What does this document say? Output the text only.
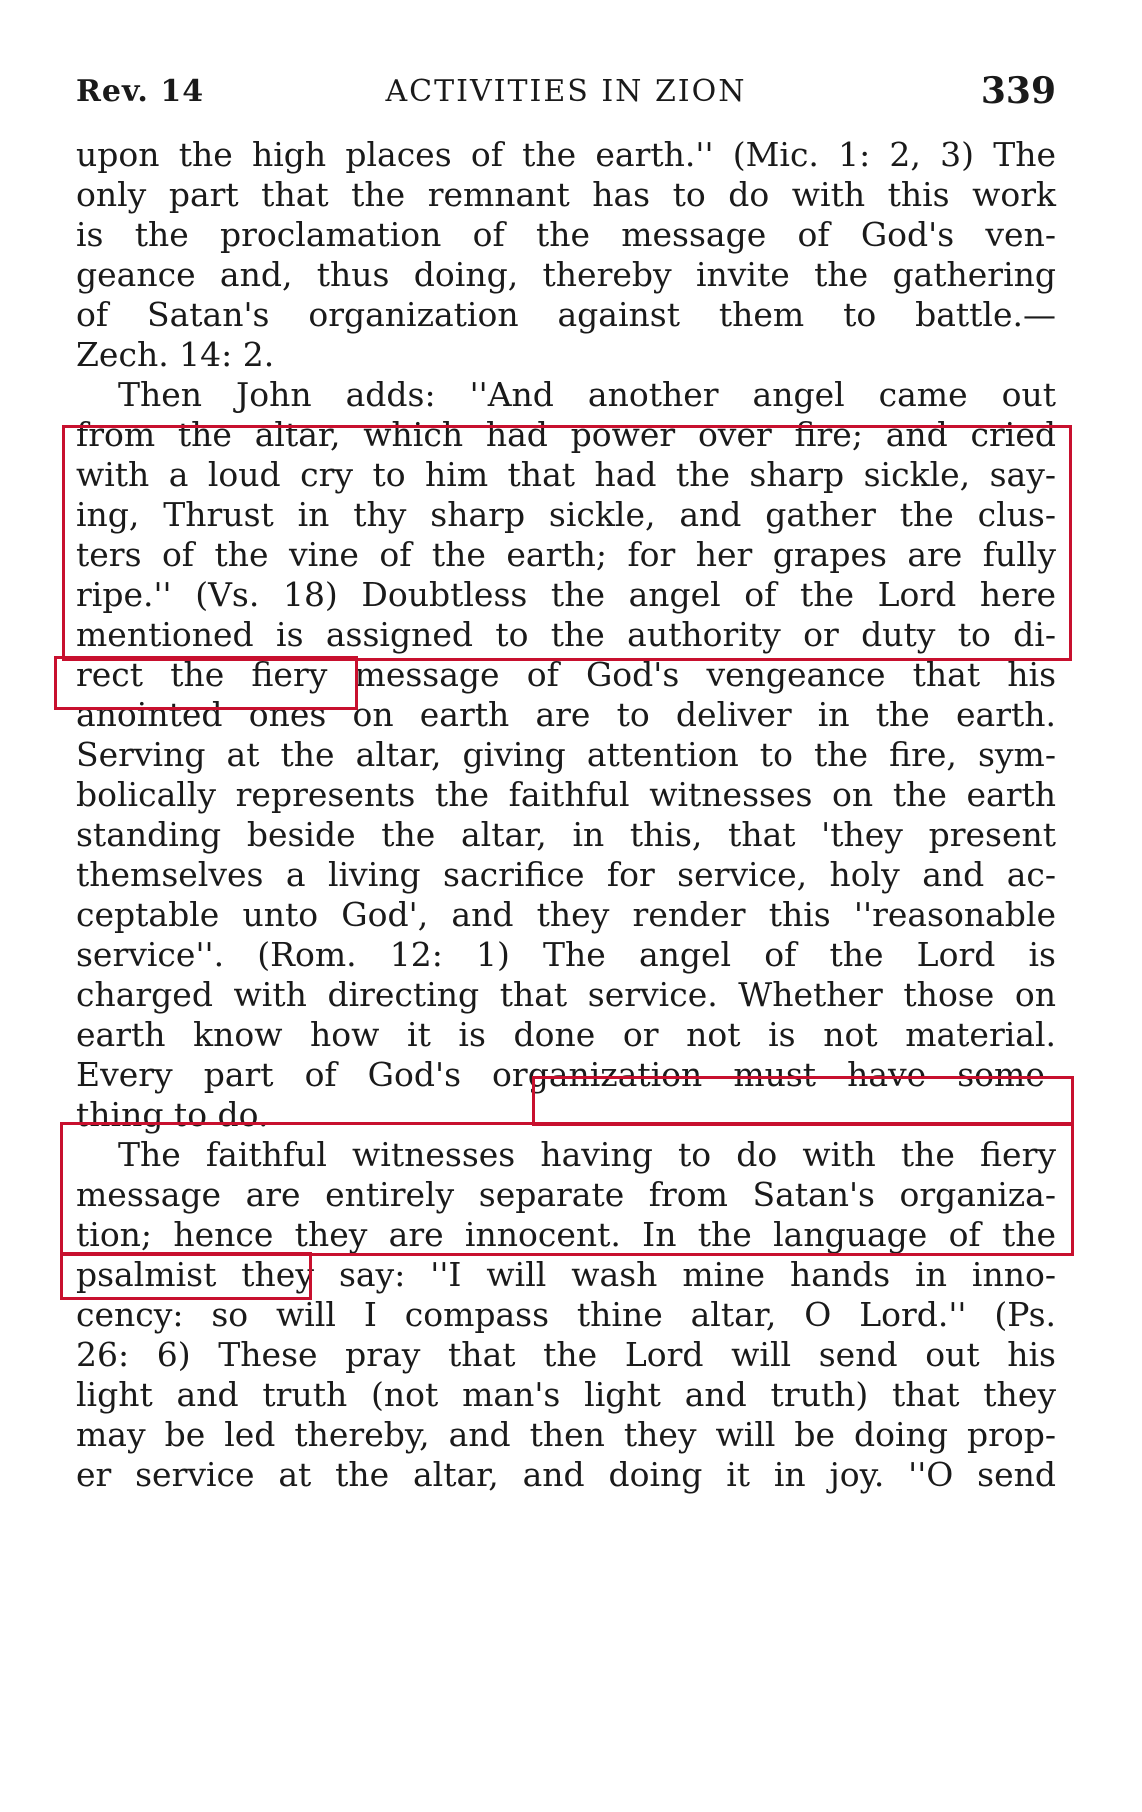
Rev. 14	ACTIVITIES IN ZION	339
upon the high places of the earth.'' (Mic. 1: 2, 3) The
only part that the remnant has to do with this work
is the proclamation of the message of God's ven-
geance and, thus doing, thereby invite the gathering
of Satan's organization against them to battle.—
Zech. 14: 2.
Then John adds: ''And another angel came out
from the altar, which had power over fire; and cried
with a loud cry to him that had the sharp sickle, say-
ing, Thrust in thy sharp sickle, and gather the clus-
ters of the vine of the earth; for her grapes are fully
ripe.'' (Vs. 18) Doubtless the angel of the Lord here
mentioned is assigned to the authority or duty to di-
rect the fiery message of God's vengeance that his
anointed ones on earth are to deliver in the earth.
Serving at the altar, giving attention to the fire, sym-
bolically represents the faithful witnesses on the earth
standing beside the altar, in this, that 'they present
themselves a living sacrifice for service, holy and ac-
ceptable unto God', and they render this ''reasonable
service''. (Rom. 12: 1) The angel of the Lord is
charged with directing that service. Whether those on
earth know how it is done or not is not material.
Every part of God's organization must have some-
thing to do.
The faithful witnesses having to do with the fiery
message are entirely separate from Satan's organiza-
tion; hence they are innocent. In the language of the
psalmist they say: ''I will wash mine hands in inno-
cency: so will I compass thine altar, O Lord.'' (Ps.
26: 6) These pray that the Lord will send out his
light and truth (not man's light and truth) that they
may be led thereby, and then they will be doing prop-
er service at the altar, and doing it in joy. ''O send
